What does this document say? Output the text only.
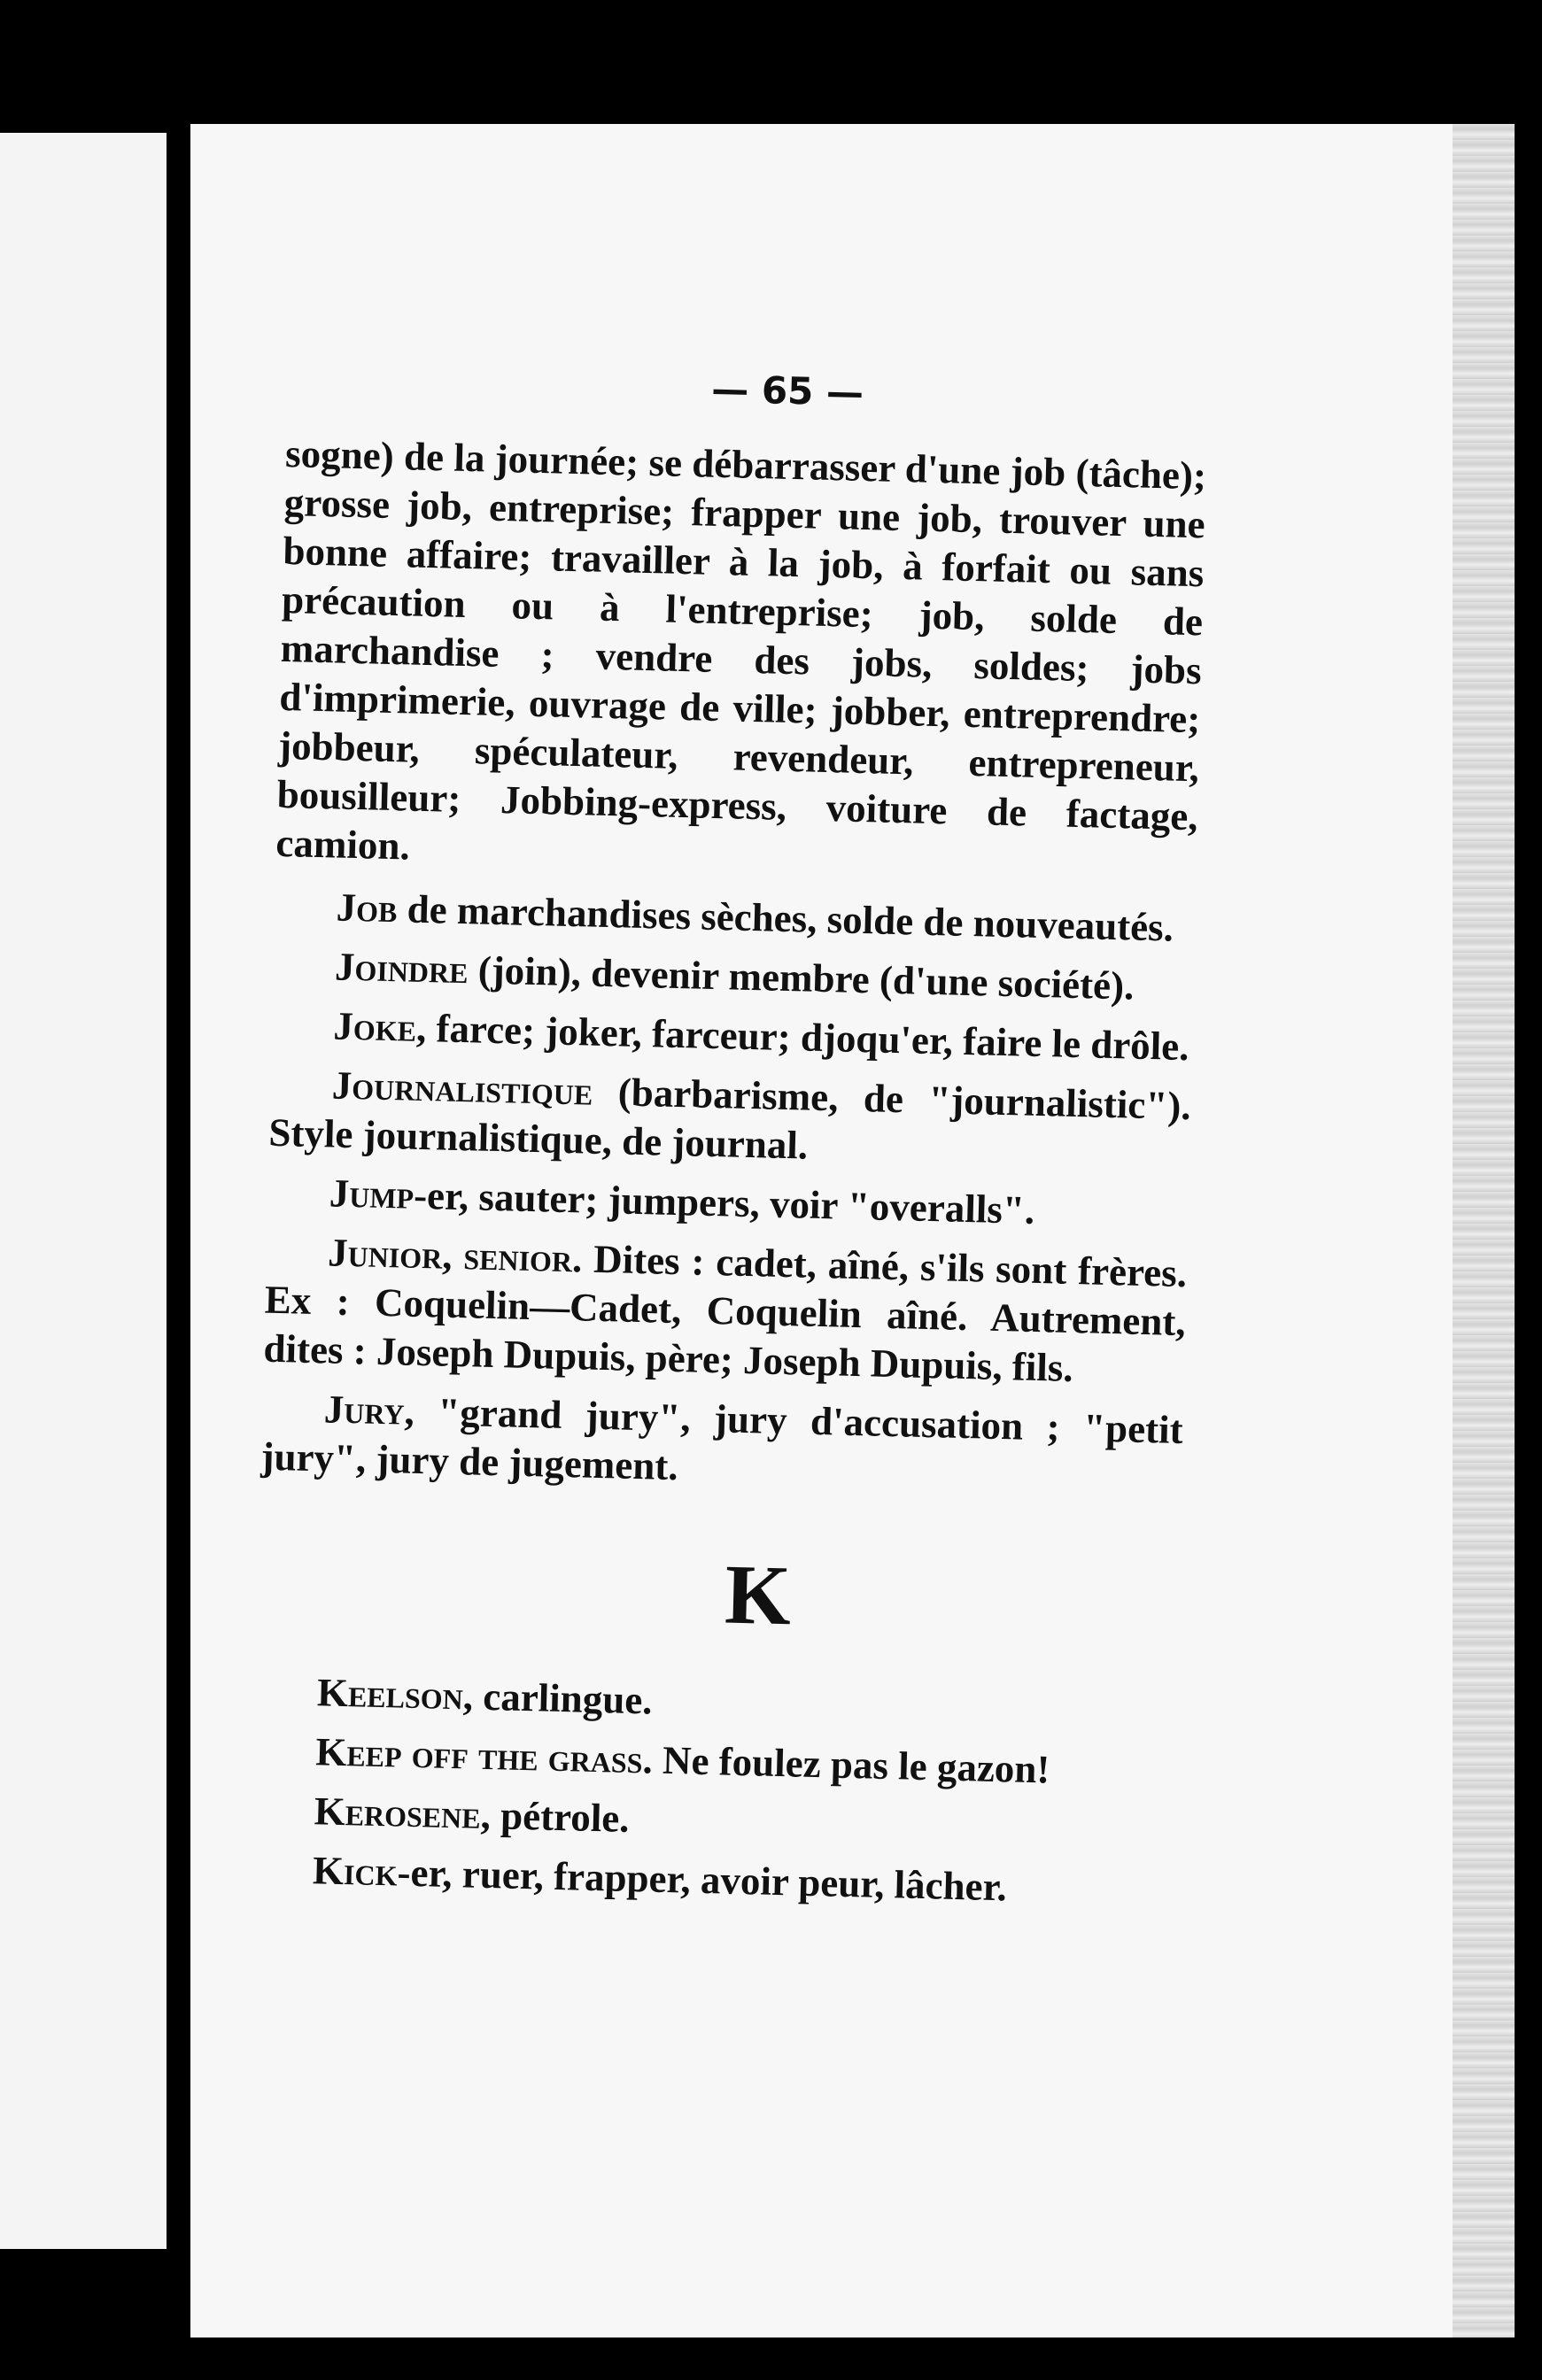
— 65 —

sogne) de la journée; se débarrasser d'une job (tâche); grosse job, entreprise; frapper une job, trouver une bonne affaire; travailler à la job, à forfait ou sans précaution ou à l'entreprise; job, solde de marchandise ; vendre des jobs, soldes; jobs d'imprimerie, ouvrage de ville; jobber, entreprendre; jobbeur, spéculateur, revendeur, entrepreneur, bousilleur; Jobbing-express, voiture de factage, camion.

Job de marchandises sèches, solde de nouveautés.

Joindre (join), devenir membre (d'une société).

Joke, farce; joker, farceur; djoqu'er, faire le drôle.

Journalistique (barbarisme, de "journalistic"). Style journalistique, de journal.

Jump-er, sauter; jumpers, voir "overalls".

Junior, senior. Dites : cadet, aîné, s'ils sont frères. Ex : Coquelin—Cadet, Coquelin aîné. Autrement, dites : Joseph Dupuis, père; Joseph Dupuis, fils.

Jury, "grand jury", jury d'accusation ; "petit jury", jury de jugement.

K

Keelson, carlingue.

Keep off the grass. Ne foulez pas le gazon!

Kerosene, pétrole.

Kick-er, ruer, frapper, avoir peur, lâcher.
